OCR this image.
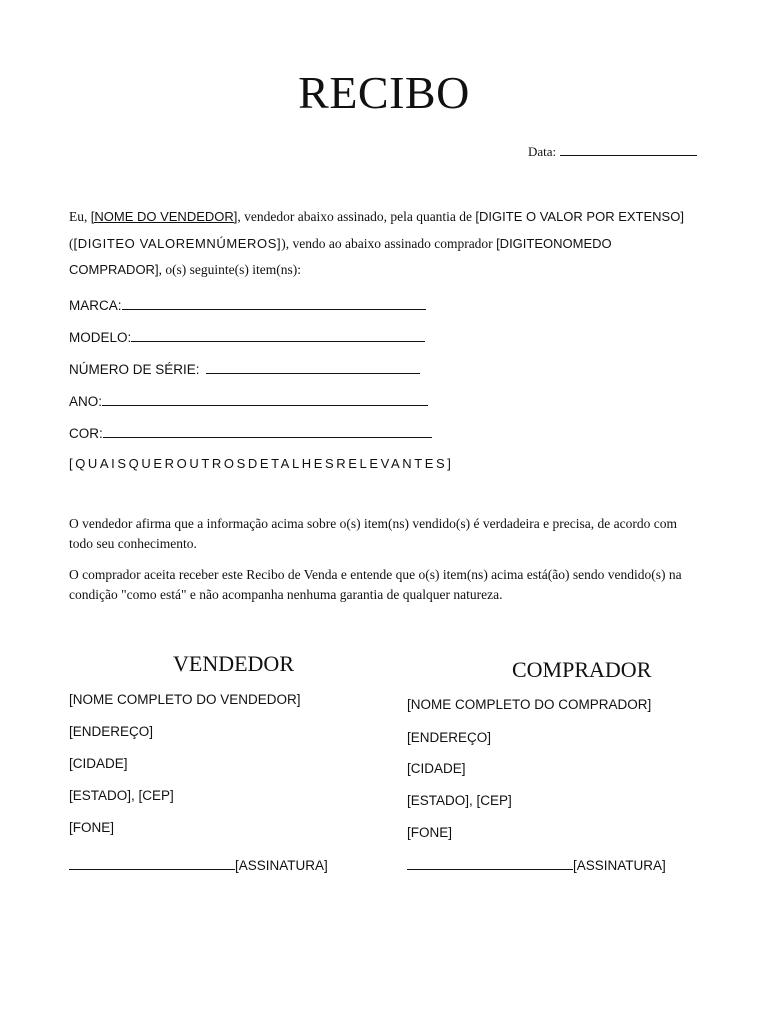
RECIBO
Data:

Eu, [NOME DO VENDEDOR], vendedor abaixo assinado, pela quantia de [DIGITE O VALOR POR EXTENSO] ([DIGITEO VALOREMNÚMEROS]), vendo ao abaixo assinado comprador [DIGITEONOMEDO COMPRADOR], o(s) seguinte(s) item(ns):

MARCA:
MODELO:
NÚMERO DE SÉRIE:
ANO:
COR:
[QUAISQUEROUTROSDETALHESRELEVANTES]

O vendedor afirma que a informação acima sobre o(s) item(ns) vendido(s) é verdadeira e precisa, de acordo com todo seu conhecimento.

O comprador aceita receber este Recibo de Venda e entende que o(s) item(ns) acima está(ão) sendo vendido(s) na condição "como está" e não acompanha nenhuma garantia de qualquer natureza.

VENDEDOR
[NOME COMPLETO DO VENDEDOR]
[ENDEREÇO]
[CIDADE]
[ESTADO], [CEP]
[FONE]
[ASSINATURA]
COMPRADOR
[NOME COMPLETO DO COMPRADOR]
[ENDEREÇO]
[CIDADE]
[ESTADO], [CEP]
[FONE]
[ASSINATURA]
